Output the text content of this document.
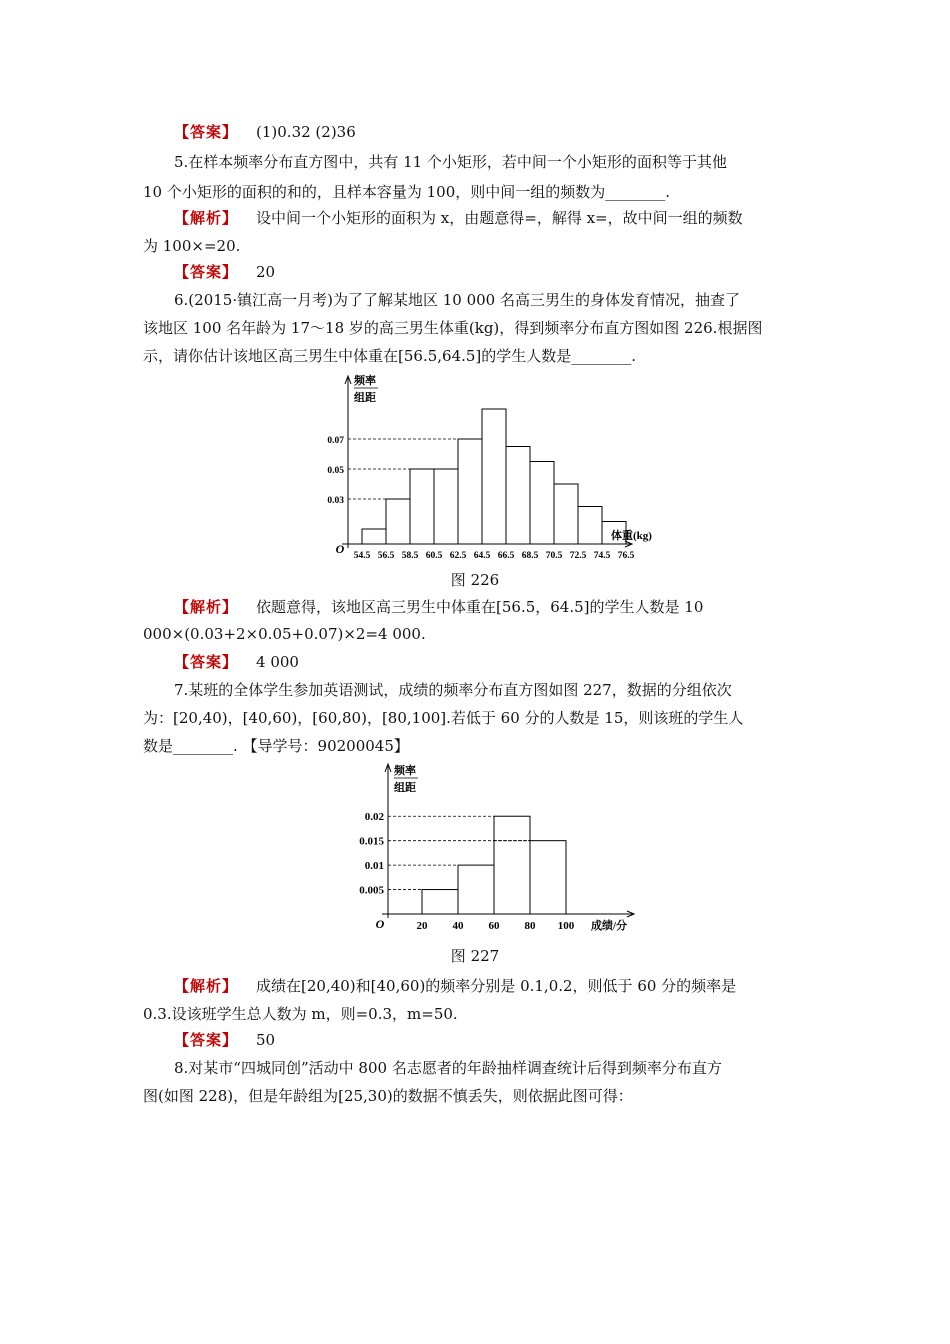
【答案】 (1)0.32 (2)36
5.在样本频率分布直方图中，共有 11 个小矩形，若中间一个小矩形的面积等于其他
10 个小矩形的面积的和的，且样本容量为 100，则中间一组的频数为________.
【解析】 设中间一个小矩形的面积为 x，由题意得=，解得 x=，故中间一组的频数
为 100×=20.
【答案】 20
6.(2015·镇江高一月考)为了了解某地区 10 000 名高三男生的身体发育情况，抽查了
该地区 100 名年龄为 17～18 岁的高三男生体重(kg)，得到频率分布直方图如图 226.根据图
示，请你估计该地区高三男生中体重在[56.5,64.5]的学生人数是________.
频率
组距
0.03
0.05
0.07
54.5 56.5 58.5 60.5 62.5 64.5 66.5 68.5 70.5 72.5 74.5 76.5
O
体重(kg)
图 226
【解析】 依题意得，该地区高三男生中体重在[56.5，64.5]的学生人数是 10
000×(0.03+2×0.05+0.07)×2=4 000.
【答案】 4 000
7.某班的全体学生参加英语测试，成绩的频率分布直方图如图 227，数据的分组依次
为：[20,40)，[40,60)，[60,80)，[80,100].若低于 60 分的人数是 15，则该班的学生人
数是________. 【导学号：90200045】
频率
组距
0.005
0.01
0.015
0.02
20 40 60 80 100
O	成绩/分
图 227
【解析】 成绩在[20,40)和[40,60)的频率分别是 0.1,0.2，则低于 60 分的频率是
0.3.设该班学生总人数为 m，则=0.3，m=50.
【答案】 50
8.对某市“四城同创”活动中 800 名志愿者的年龄抽样调查统计后得到频率分布直方
图(如图 228)，但是年龄组为[25,30)的数据不慎丢失，则依据此图可得：
